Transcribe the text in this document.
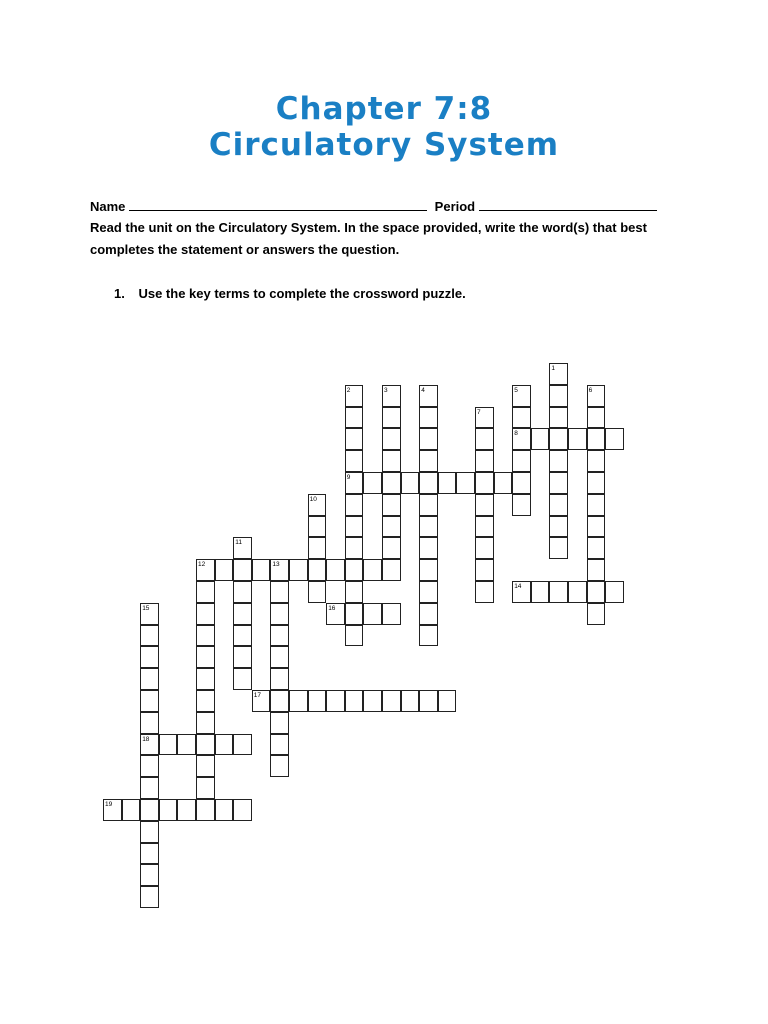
Chapter 7:8
Circulatory System
Name	Period
Read the unit on the Circulatory System. In the space provided, write the word(s) that best
completes the statement or answers the question.
1. Use the key terms to complete the crossword puzzle.
1
2	3	4	5	6
7
8
9
10
11
12	13
14
15	16
17
18
19
